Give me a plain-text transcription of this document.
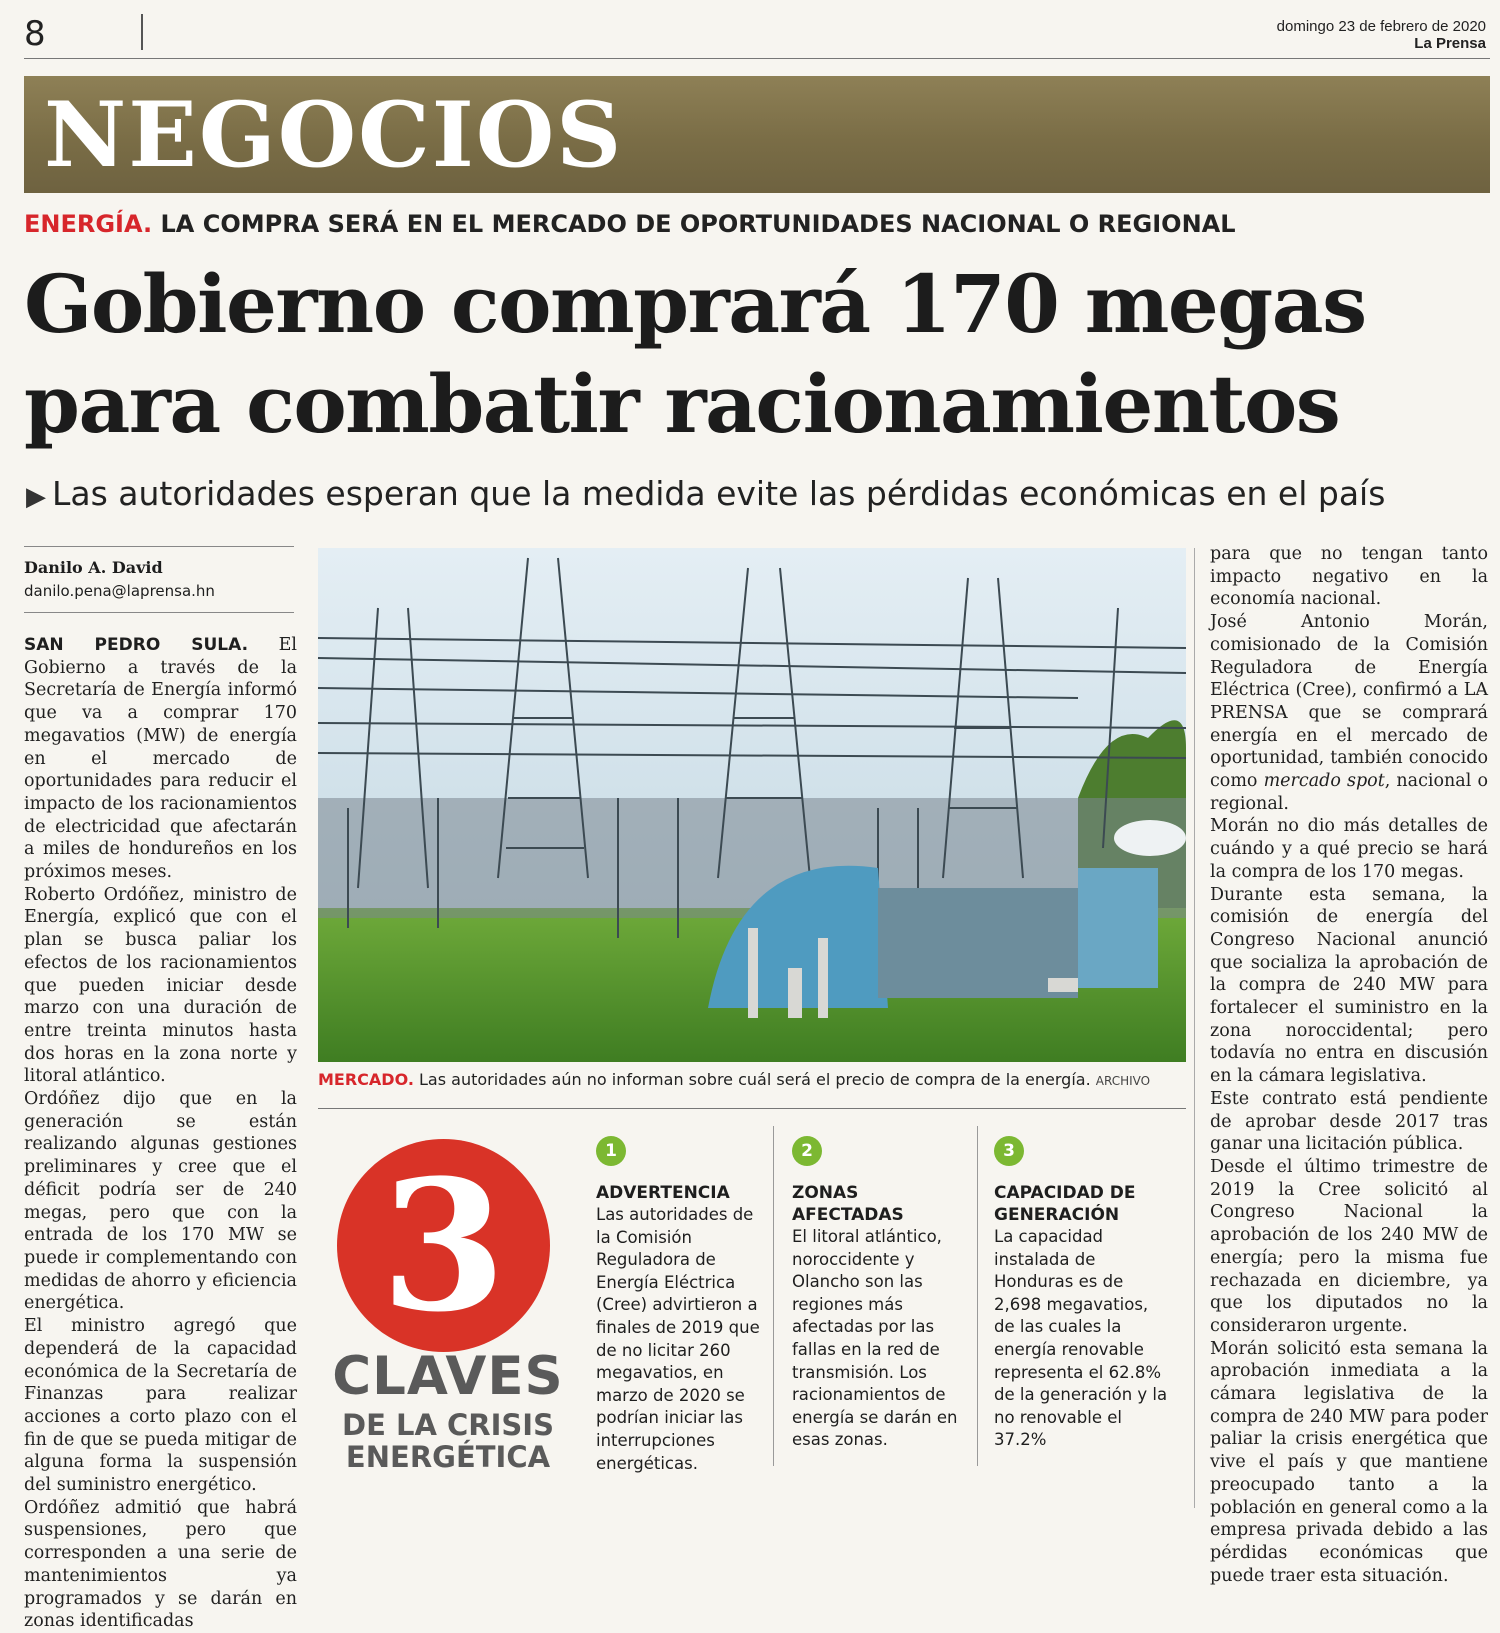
8	domingo 23 de febrero de 2020
La Prensa
NEGOCIOS
ENERGÍA. LA COMPRA SERÁ EN EL MERCADO DE OPORTUNIDADES NACIONAL O REGIONAL
Gobierno comprará 170 megas
para combatir racionamientos
▶ Las autoridades esperan que la medida evite las pérdidas económicas en el país
Danilo A. David
danilo.pena@laprensa.hn

SAN PEDRO SULA. El Gobierno a través de la Secretaría de Energía informó que va a comprar 170 megavatios (MW) de energía en el mercado de oportunidades para reducir el impacto de los racionamientos de electricidad que afectarán a miles de hondureños en los próximos meses.

Roberto Ordóñez, ministro de Energía, explicó que con el plan se busca paliar los efectos de los racionamientos que pueden iniciar desde marzo con una duración de entre treinta minutos hasta dos horas en la zona norte y litoral atlántico.

Ordóñez dijo que en la generación se están realizando algunas gestiones preliminares y cree que el déficit podría ser de 240 megas, pero que con la entrada de los 170 MW se puede ir complementando con medidas de ahorro y eficiencia energética.

El ministro agregó que dependerá de la capacidad económica de la Secretaría de Finanzas para realizar acciones a corto plazo con el fin de que se pueda mitigar de alguna forma la suspensión del suministro energético.

Ordóñez admitió que habrá suspensiones, pero que corresponden a una serie de mantenimientos ya programados y se darán en zonas identificadas

MERCADO. Las autoridades aún no informan sobre cuál será el precio de compra de la energía. ARCHIVO
3
CLAVES
DE LA CRISIS
ENERGÉTICA
1
ADVERTENCIA
Las autoridades de la Comisión Reguladora de Energía Eléctrica (Cree) advirtieron a finales de 2019 que de no licitar 260 megavatios, en marzo de 2020 se podrían iniciar las interrupciones energéticas.
2
ZONAS AFECTADAS
El litoral atlántico, noroccidente y Olancho son las regiones más afectadas por las fallas en la red de transmisión. Los racionamientos de energía se darán en esas zonas.
3
CAPACIDAD DE GENERACIÓN
La capacidad instalada de Honduras es de 2,698 megavatios, de las cuales la energía renovable representa el 62.8% de la generación y la no renovable el 37.2%

para que no tengan tanto impacto negativo en la economía nacional.

José Antonio Morán, comisionado de la Comisión Reguladora de Energía Eléctrica (Cree), confirmó a LA PRENSA que se comprará energía en el mercado de oportunidad, también conocido como mercado spot, nacional o regional.

Morán no dio más detalles de cuándo y a qué precio se hará la compra de los 170 megas.

Durante esta semana, la comisión de energía del Congreso Nacional anunció que socializa la aprobación de la compra de 240 MW para fortalecer el suministro en la zona noroccidental; pero todavía no entra en discusión en la cámara legislativa.

Este contrato está pendiente de aprobar desde 2017 tras ganar una licitación pública.

Desde el último trimestre de 2019 la Cree solicitó al Congreso Nacional la aprobación de los 240 MW de energía; pero la misma fue rechazada en diciembre, ya que los diputados no la consideraron urgente.

Morán solicitó esta semana la aprobación inmediata a la cámara legislativa de la compra de 240 MW para poder paliar la crisis energética que vive el país y que mantiene preocupado tanto a la población en general como a la empresa privada debido a las pérdidas económicas que puede traer esta situación.
